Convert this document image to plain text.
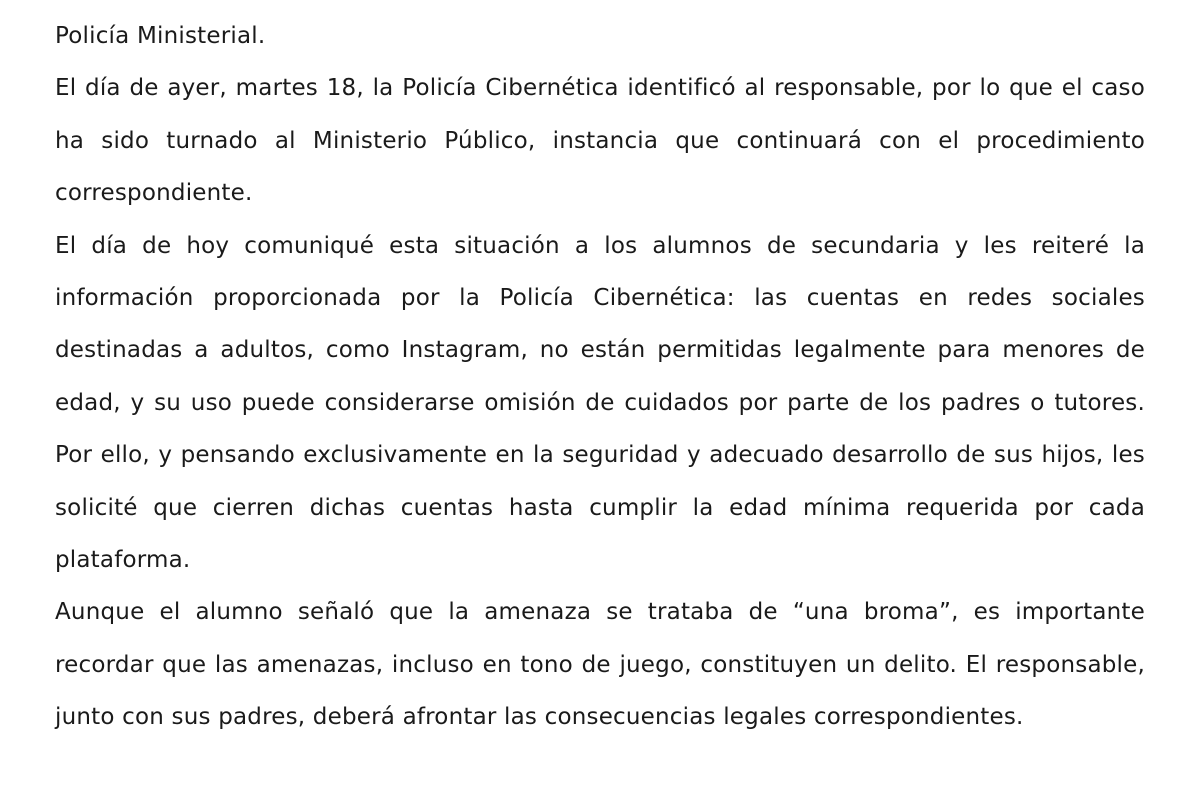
Policía Ministerial.

El día de ayer, martes 18, la Policía Cibernética identificó al responsable, por lo que el caso ha sido turnado al Ministerio Público, instancia que continuará con el procedimiento correspondiente.

El día de hoy comuniqué esta situación a los alumnos de secundaria y les reiteré la información proporcionada por la Policía Cibernética: las cuentas en redes sociales destinadas a adultos, como Instagram, no están permitidas legalmente para menores de edad, y su uso puede considerarse omisión de cuidados por parte de los padres o tutores. Por ello, y pensando exclusivamente en la seguridad y adecuado desarrollo de sus hijos, les solicité que cierren dichas cuentas hasta cumplir la edad mínima requerida por cada plataforma.

Aunque el alumno señaló que la amenaza se trataba de “una broma”, es importante recordar que las amenazas, incluso en tono de juego, constituyen un delito. El responsable, junto con sus padres, deberá afrontar las consecuencias legales correspondientes.
